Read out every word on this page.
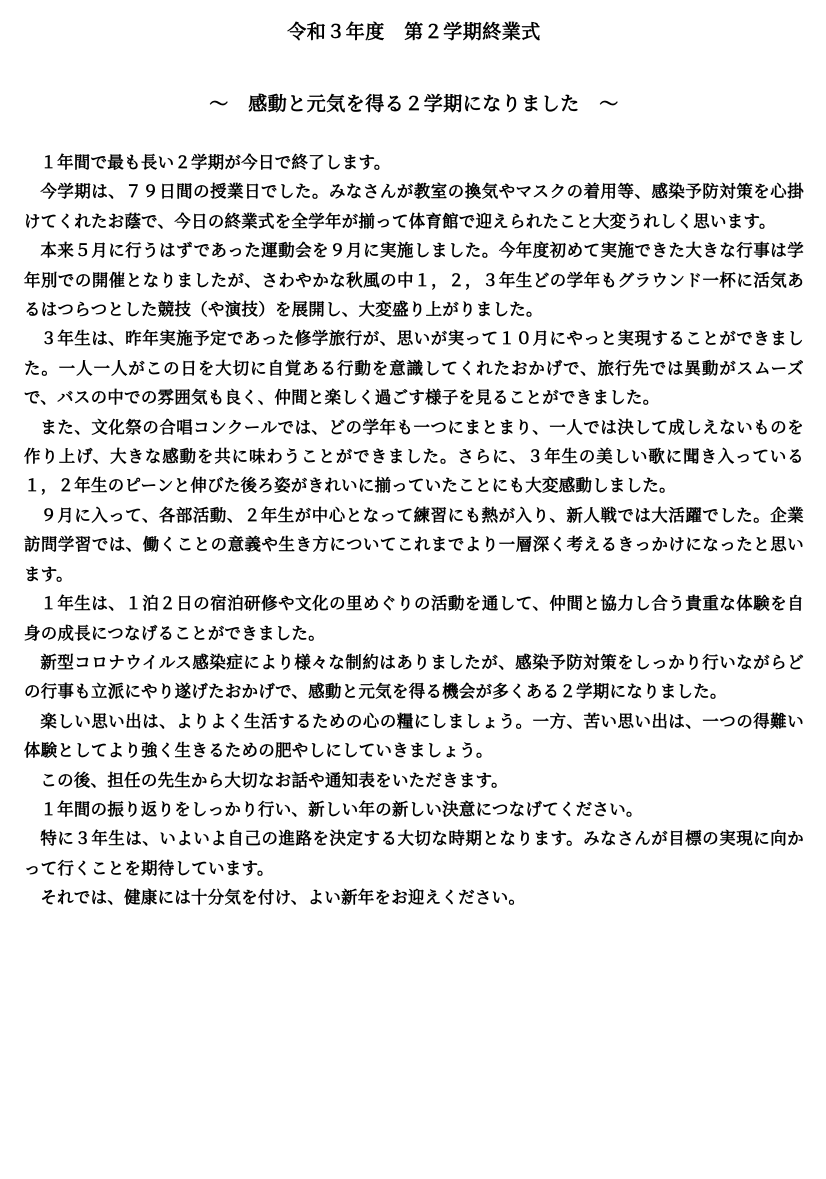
令和３年度　第２学期終業式
～　感動と元気を得る２学期になりました　～

１年間で最も長い２学期が今日で終了します。

今学期は、７９日間の授業日でした。みなさんが教室の換気やマスクの着用等、感染予防対策を心掛けてくれたお蔭で、今日の終業式を全学年が揃って体育館で迎えられたこと大変うれしく思います。

本来５月に行うはずであった運動会を９月に実施しました。今年度初めて実施できた大きな行事は学年別での開催となりましたが、さわやかな秋風の中１，２，３年生どの学年もグラウンド一杯に活気あるはつらつとした競技（や演技）を展開し、大変盛り上がりました。

３年生は、昨年実施予定であった修学旅行が、思いが実って１０月にやっと実現することができました。一人一人がこの日を大切に自覚ある行動を意識してくれたおかげで、旅行先では異動がスムーズで、バスの中での雰囲気も良く、仲間と楽しく過ごす様子を見ることができました。

また、文化祭の合唱コンクールでは、どの学年も一つにまとまり、一人では決して成しえないものを作り上げ、大きな感動を共に味わうことができました。さらに、３年生の美しい歌に聞き入っている１，２年生のピーンと伸びた後ろ姿がきれいに揃っていたことにも大変感動しました。

９月に入って、各部活動、２年生が中心となって練習にも熱が入り、新人戦では大活躍でした。企業訪問学習では、働くことの意義や生き方についてこれまでより一層深く考えるきっかけになったと思います。

１年生は、１泊２日の宿泊研修や文化の里めぐりの活動を通して、仲間と協力し合う貴重な体験を自身の成長につなげることができました。

新型コロナウイルス感染症により様々な制約はありましたが、感染予防対策をしっかり行いながらどの行事も立派にやり遂げたおかげで、感動と元気を得る機会が多くある２学期になりました。

楽しい思い出は、よりよく生活するための心の糧にしましょう。一方、苦い思い出は、一つの得難い体験としてより強く生きるための肥やしにしていきましょう。

この後、担任の先生から大切なお話や通知表をいただきます。

１年間の振り返りをしっかり行い、新しい年の新しい決意につなげてください。

特に３年生は、いよいよ自己の進路を決定する大切な時期となります。みなさんが目標の実現に向かって行くことを期待しています。

それでは、健康には十分気を付け、よい新年をお迎えください。
